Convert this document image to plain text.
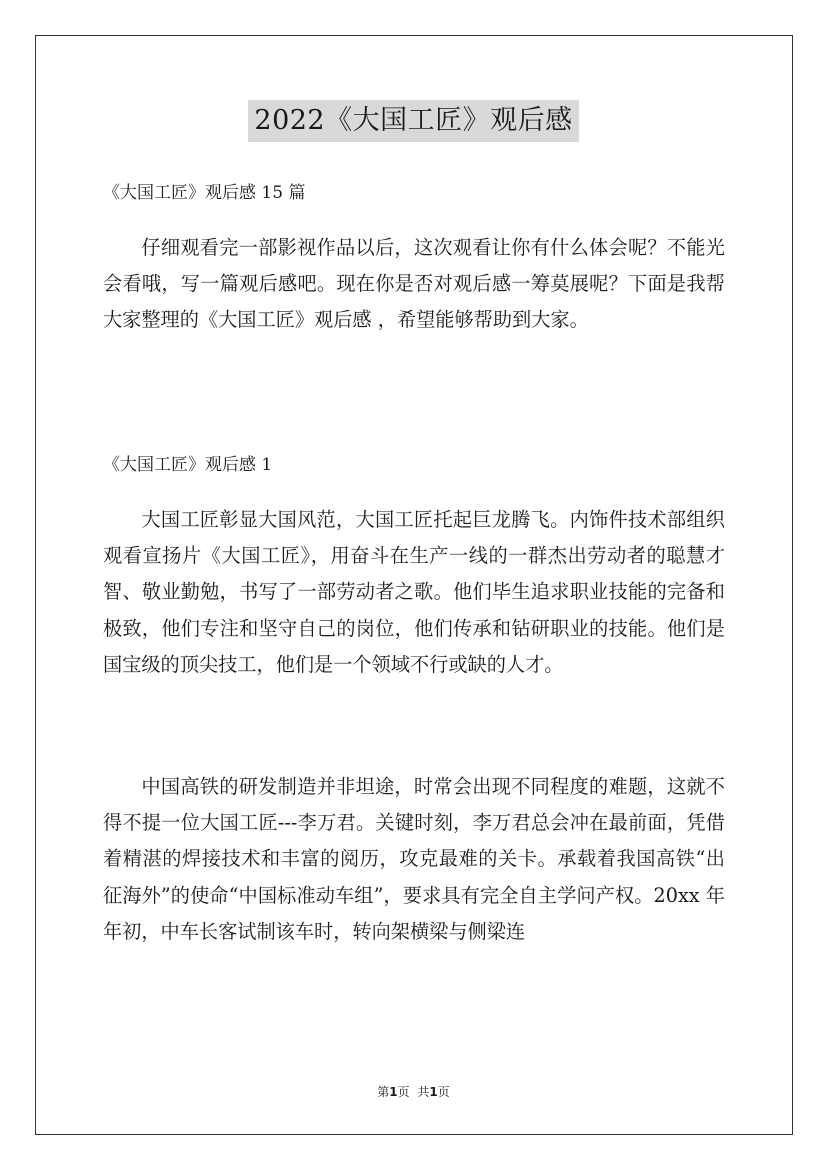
2022《大国工匠》观后感
《大国工匠》观后感 15 篇

仔细观看完一部影视作品以后，这次观看让你有什么体会呢？不能光会看哦，写一篇观后感吧。现在你是否对观后感一筹莫展呢？下面是我帮大家整理的《大国工匠》观后感 ，希望能够帮助到大家。

《大国工匠》观后感 1

大国工匠彰显大国风范，大国工匠托起巨龙腾飞。内饰件技术部组织观看宣扬片《大国工匠》，用奋斗在生产一线的一群杰出劳动者的聪慧才智、敬业勤勉，书写了一部劳动者之歌。他们毕生追求职业技能的完备和极致，他们专注和坚守自己的岗位，他们传承和钻研职业的技能。他们是国宝级的顶尖技工，他们是一个领域不行或缺的人才。

中国高铁的研发制造并非坦途，时常会出现不同程度的难题，这就不得不提一位大国工匠---李万君。关键时刻，李万君总会冲在最前面，凭借着精湛的焊接技术和丰富的阅历，攻克最难的关卡。承载着我国高铁“出征海外”的使命“中国标准动车组”，要求具有完全自主学问产权。20xx 年年初，中车长客试制该车时，转向架横梁与侧梁连

第1页 共1页
